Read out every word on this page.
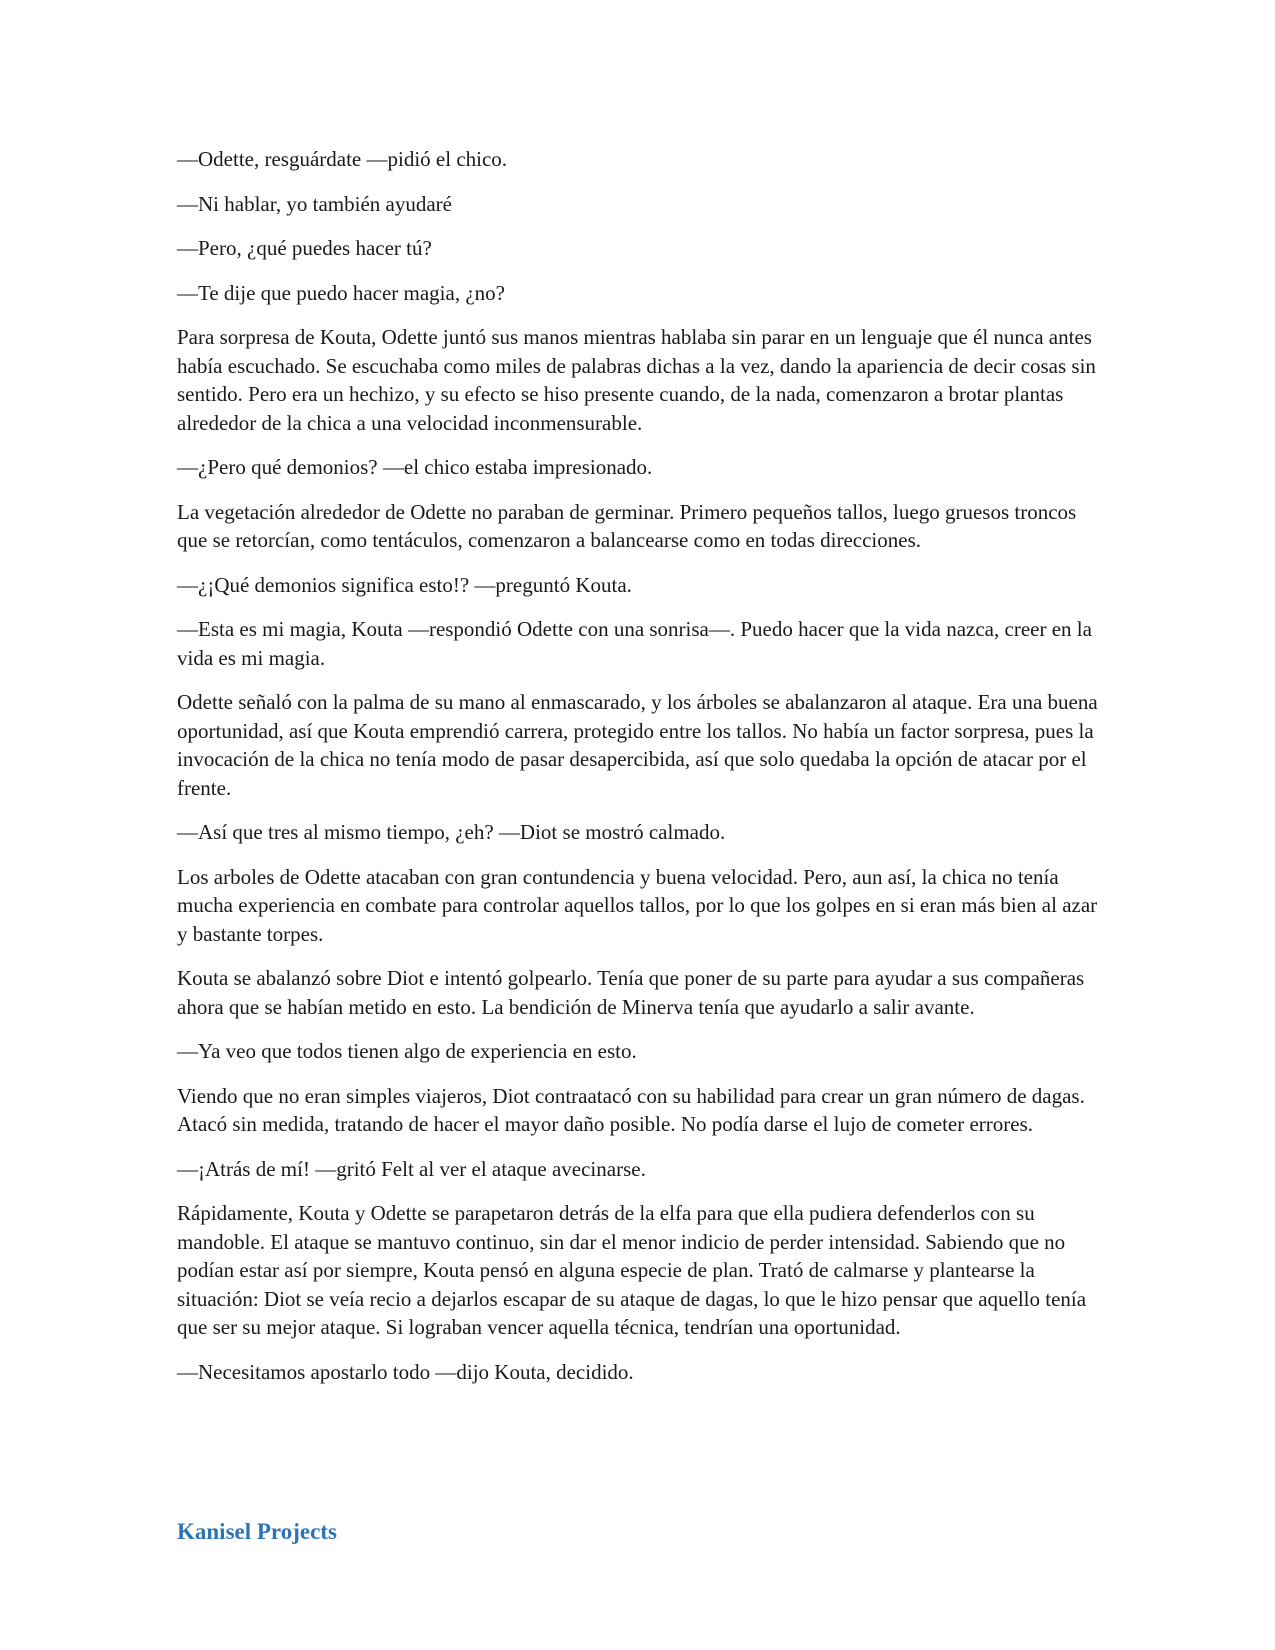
—Odette, resguárdate —pidió el chico.

—Ni hablar, yo también ayudaré

—Pero, ¿qué puedes hacer tú?

—Te dije que puedo hacer magia, ¿no?

Para sorpresa de Kouta, Odette juntó sus manos mientras hablaba sin parar en un lenguaje que él nunca antes había escuchado. Se escuchaba como miles de palabras dichas a la vez, dando la apariencia de decir cosas sin sentido. Pero era un hechizo, y su efecto se hiso presente cuando, de la nada, comenzaron a brotar plantas alrededor de la chica a una velocidad inconmensurable.

—¿Pero qué demonios? —el chico estaba impresionado.

La vegetación alrededor de Odette no paraban de germinar. Primero pequeños tallos, luego gruesos troncos que se retorcían, como tentáculos, comenzaron a balancearse como en todas direcciones.

—¿¡Qué demonios significa esto!? —preguntó Kouta.

—Esta es mi magia, Kouta —respondió Odette con una sonrisa—. Puedo hacer que la vida nazca, creer en la vida es mi magia.

Odette señaló con la palma de su mano al enmascarado, y los árboles se abalanzaron al ataque. Era una buena oportunidad, así que Kouta emprendió carrera, protegido entre los tallos. No había un factor sorpresa, pues la invocación de la chica no tenía modo de pasar desapercibida, así que solo quedaba la opción de atacar por el frente.

—Así que tres al mismo tiempo, ¿eh? —Diot se mostró calmado.

Los arboles de Odette atacaban con gran contundencia y buena velocidad. Pero, aun así, la chica no tenía mucha experiencia en combate para controlar aquellos tallos, por lo que los golpes en si eran más bien al azar y bastante torpes.

Kouta se abalanzó sobre Diot e intentó golpearlo. Tenía que poner de su parte para ayudar a sus compañeras ahora que se habían metido en esto. La bendición de Minerva tenía que ayudarlo a salir avante.

—Ya veo que todos tienen algo de experiencia en esto.

Viendo que no eran simples viajeros, Diot contraatacó con su habilidad para crear un gran número de dagas. Atacó sin medida, tratando de hacer el mayor daño posible. No podía darse el lujo de cometer errores.

—¡Atrás de mí! —gritó Felt al ver el ataque avecinarse.

Rápidamente, Kouta y Odette se parapetaron detrás de la elfa para que ella pudiera defenderlos con su mandoble. El ataque se mantuvo continuo, sin dar el menor indicio de perder intensidad. Sabiendo que no podían estar así por siempre, Kouta pensó en alguna especie de plan. Trató de calmarse y plantearse la situación: Diot se veía recio a dejarlos escapar de su ataque de dagas, lo que le hizo pensar que aquello tenía que ser su mejor ataque. Si lograban vencer aquella técnica, tendrían una oportunidad.

—Necesitamos apostarlo todo —dijo Kouta, decidido.

Kanisel Projects
